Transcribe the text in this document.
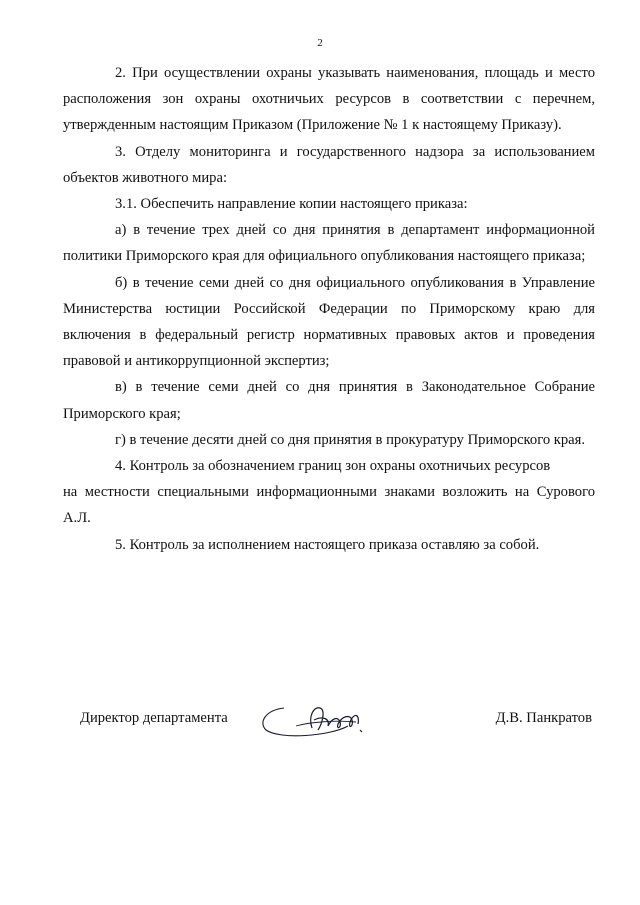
2

2. При осуществлении охраны указывать наименования, площадь и место расположения зон охраны охотничьих ресурсов в соответствии с перечнем, утвержденным настоящим Приказом (Приложение № 1 к настоящему Приказу).

3. Отделу мониторинга и государственного надзора за использованием объектов животного мира:

3.1. Обеспечить направление копии настоящего приказа:

а) в течение трех дней со дня принятия в департамент информационной политики Приморского края для официального опубликования настоящего приказа;

б) в течение семи дней со дня официального опубликования в Управление Министерства юстиции Российской Федерации по Приморскому краю для включения в федеральный регистр нормативных правовых актов и проведения правовой и антикоррупционной экспертиз;

в) в течение семи дней со дня принятия в Законодательное Собрание Приморского края;

г) в течение десяти дней со дня принятия в прокуратуру Приморского края.

4. Контроль за обозначением границ зон охраны охотничьих ресурсов

на местности специальными информационными знаками возложить на Сурового А.Л.

5. Контроль за исполнением настоящего приказа оставляю за собой.

Директор департамента	Д.В. Панкратов
